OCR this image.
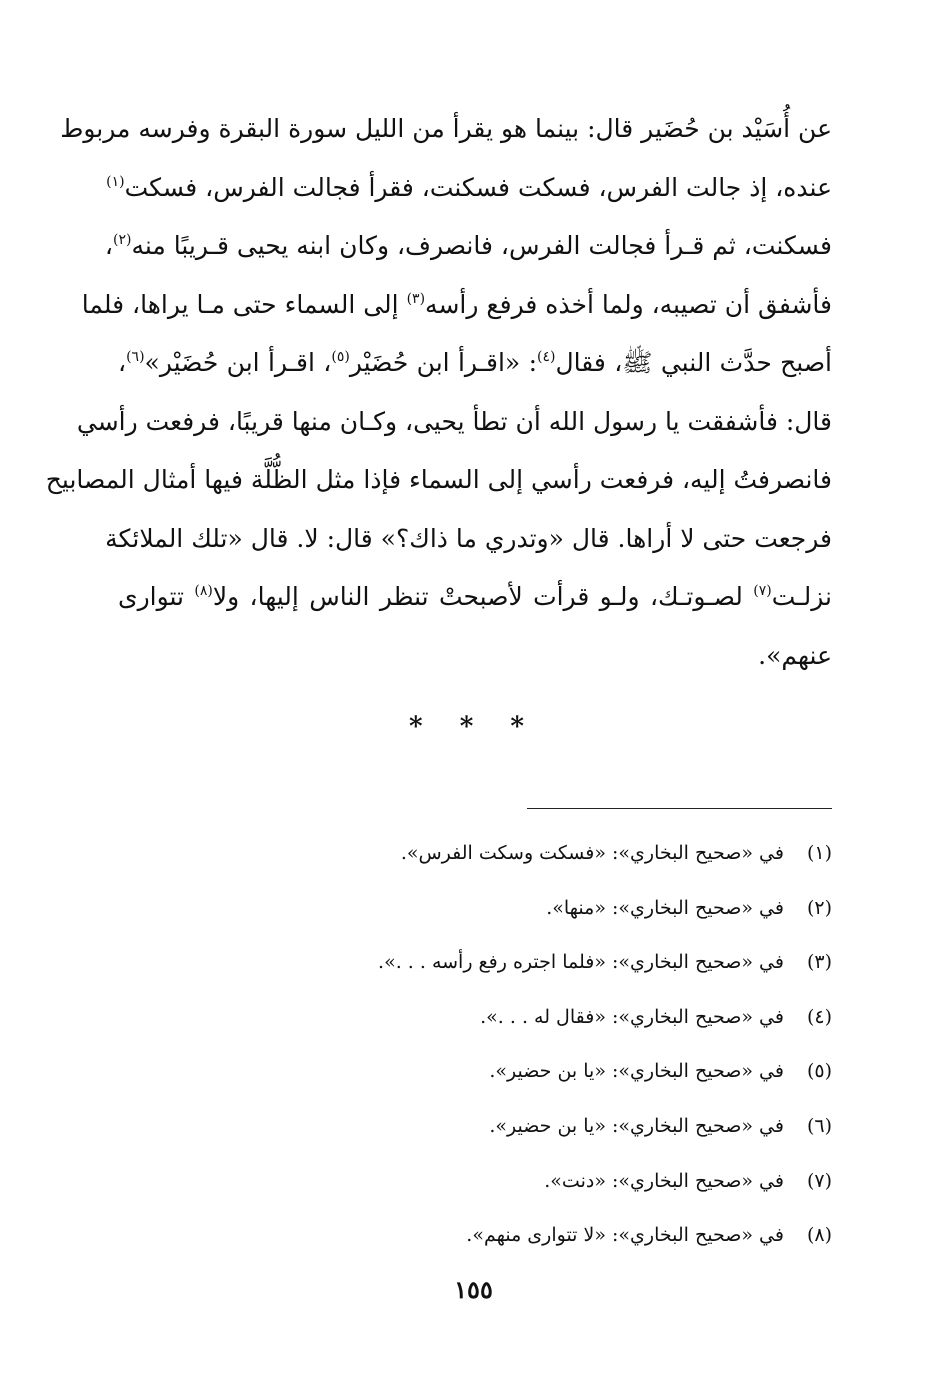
عن أُسَيْد بن حُضَير قال: بينما هو يقرأ من الليل سورة البقرة وفرسه مربوط
عنده، إذ جالت الفرس، فسكت فسكنت، فقرأ فجالت الفرس، فسكت$^{(١)}$
فسكنت، ثم قـرأ فجالت الفرس، فانصرف، وكان ابنه يحيى قـريبًا منه$^{(٢)}$،
فأشفق أن تصيبه، ولما أخذه فرفع رأسه$^{(٣)}$ إلى السماء حتى مـا يراها، فلما
أصبح حدَّث النبي ﷺ، فقال$^{(٤)}$: «اقـرأ ابن حُضَيْر$^{(٥)}$، اقـرأ ابن حُضَيْر»$^{(٦)}$،
قال: فأشفقت يا رسول الله أن تطأ يحيى، وكـان منها قريبًا، فرفعت رأسي
فانصرفتُ إليه، فرفعت رأسي إلى السماء فإذا مثل الظُّلَّة فيها أمثال المصابيح
فرجعت حتى لا أراها. قال «وتدري ما ذاك؟» قال: لا. قال «تلك الملائكة
نزلـت$^{(٧)}$ لصـوتـك، ولـو قرأت لأصبحتْ تنظر الناس إليها، ولا$^{(٨)}$ تتوارى
عنهم».
* * *
(١) في «صحيح البخاري»: «فسكت وسكت الفرس».
(٢) في «صحيح البخاري»: «منها».
(٣) في «صحيح البخاري»: «فلما اجتره رفع رأسه . . .».
(٤) في «صحيح البخاري»: «فقال له . . .».
(٥) في «صحيح البخاري»: «يا بن حضير».
(٦) في «صحيح البخاري»: «يا بن حضير».
(٧) في «صحيح البخاري»: «دنت».
(٨) في «صحيح البخاري»: «لا تتوارى منهم».
١٥٥
